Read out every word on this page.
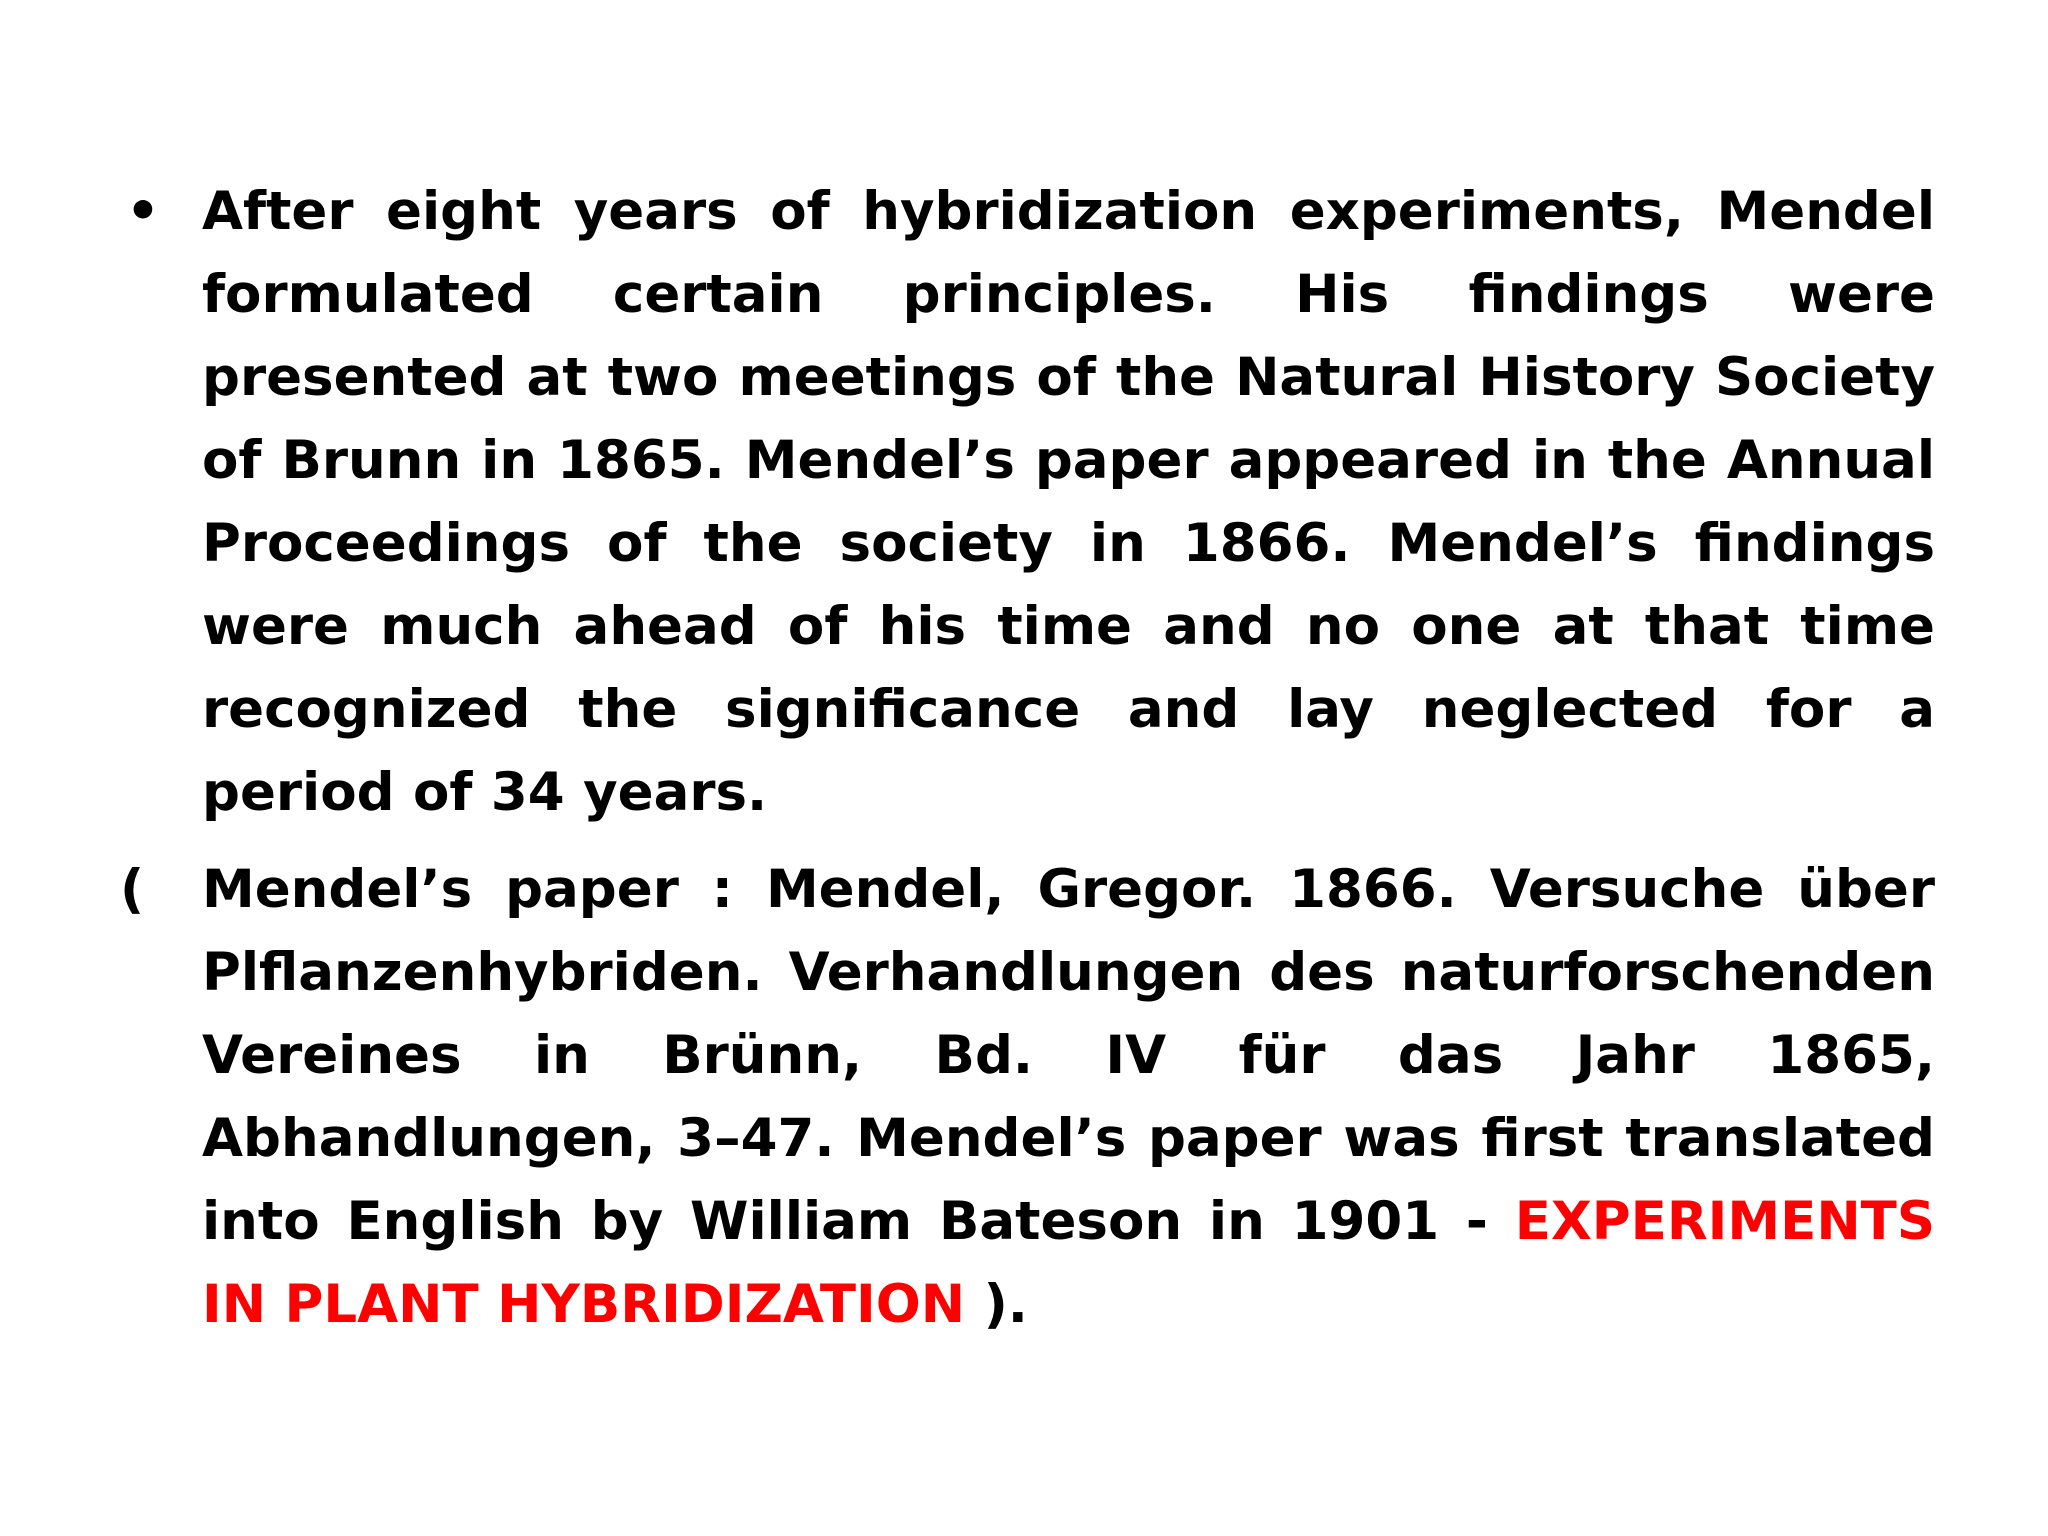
• After eight years of hybridization experiments, Mendel formulated certain principles. His findings were presented at two meetings of the Natural History Society of Brunn in 1865. Mendel’s paper appeared in the Annual Proceedings of the society in 1866. Mendel’s findings were much ahead of his time and no one at that time recognized the significance and lay neglected for a period of 34 years.

( Mendel’s paper : Mendel, Gregor. 1866. Versuche über Plflanzenhybriden. Verhandlungen des naturforschenden Vereines in Brünn, Bd. IV für das Jahr 1865, Abhandlungen, 3–47. Mendel’s paper was first translated into English by William Bateson in 1901 - EXPERIMENTS IN PLANT HYBRIDIZATION ).
